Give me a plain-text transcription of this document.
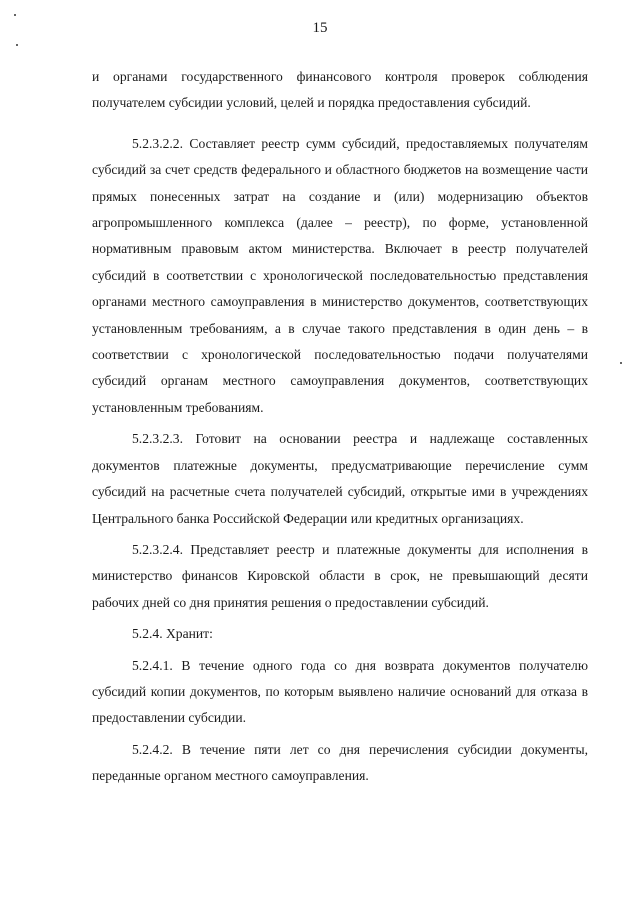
15

и органами государственного финансового контроля проверок соблюдения получателем субсидии условий, целей и порядка предоставления субсидий.

5.2.3.2.2. Составляет реестр сумм субсидий, предоставляемых получателям субсидий за счет средств федерального и областного бюджетов на возмещение части прямых понесенных затрат на создание и (или) модернизацию объектов агропромышленного комплекса (далее – реестр), по форме, установленной нормативным правовым актом министерства. Включает в реестр получателей субсидий в соответствии с хронологической последовательностью представления органами местного самоуправления в министерство документов, соответствующих установленным требованиям, а в случае такого представления в один день – в соответствии с хронологической последовательностью подачи получателями субсидий органам местного самоуправления документов, соответствующих установленным требованиям.

5.2.3.2.3. Готовит на основании реестра и надлежаще составленных документов платежные документы, предусматривающие перечисление сумм субсидий на расчетные счета получателей субсидий, открытые ими в учреждениях Центрального банка Российской Федерации или кредитных организациях.

5.2.3.2.4. Представляет реестр и платежные документы для исполнения в министерство финансов Кировской области в срок, не превышающий десяти рабочих дней со дня принятия решения о предоставлении субсидий.

5.2.4. Хранит:

5.2.4.1. В течение одного года со дня возврата документов получателю субсидий копии документов, по которым выявлено наличие оснований для отказа в предоставлении субсидии.

5.2.4.2. В течение пяти лет со дня перечисления субсидии документы, переданные органом местного самоуправления.
